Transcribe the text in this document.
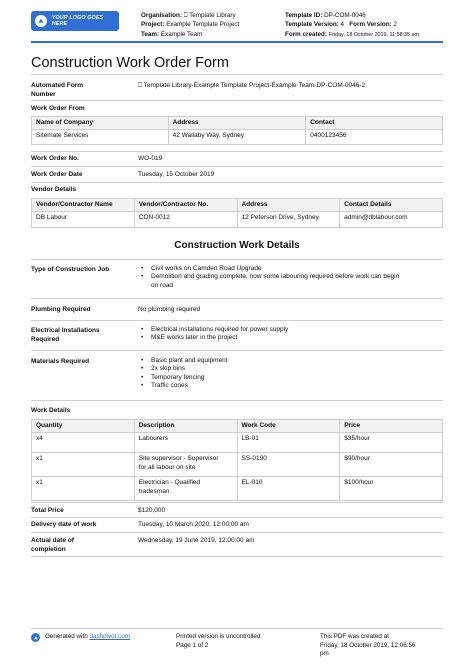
YOUR LOGO GOES HERE
Organisation: ⎕ Template Library
Project: Example Template Project
Team: Example Team
Template ID: DP-COM-0046
Template Version: 4 Form Version: 2
Form created: Friday, 18 October 2019, 11:58:35 am
Construction Work Order Form
Automated Form
Number
⎕ Template Library-Example Template Project-Example Team-DP-COM-0046-2
Work Order From
Name of Company	Address	Contact
Sitemate Services	42 Wallaby Way, Sydney	0400123456
Work Order No.	WO-019
Work Order Date	Tuesday, 15 October 2019
Vendor Details
Vendor/Contractor Name	Vendor/Contractor No.	Address	Contact Details
DB Labour	CON-0012	12 Peterson Drive, Sydney	admin@dblabour.com
Construction Work Details
Type of Construction Job	• Civil works on Camden Road Upgrade
• Demolition and grading complete, now some labouring required before work can begin
on road
Plumbing Required	No plumbing required
Electrical Installations
Required
• Electrical installations required for power supply
• M&E works later in the project
Materials Required	• Basic plant and equipment
• 2x skip bins
• Temporary fencing
• Traffic cones
Work Details
Quantity	Description	Work Code	Price
x4	Labourers	LB-01	$35/hour
x1	Site supervisor - Supervisor
for all labour on site	SS-0190	$90/hour
x1	Electrician - Qualified
tradesman	EL-010	$100/hour
Total Price	$120,000
Delivery date of work	Tuesday, 10 March 2020, 12:00:00 am
Actual date of
completion
Wednesday, 19 June 2019, 12:00:00 am
Generated with dashpivot.com	Printed version is uncontrolled
Page 1 of 2
This PDF was created at
Friday, 18 October 2019, 12:06:56
pm
